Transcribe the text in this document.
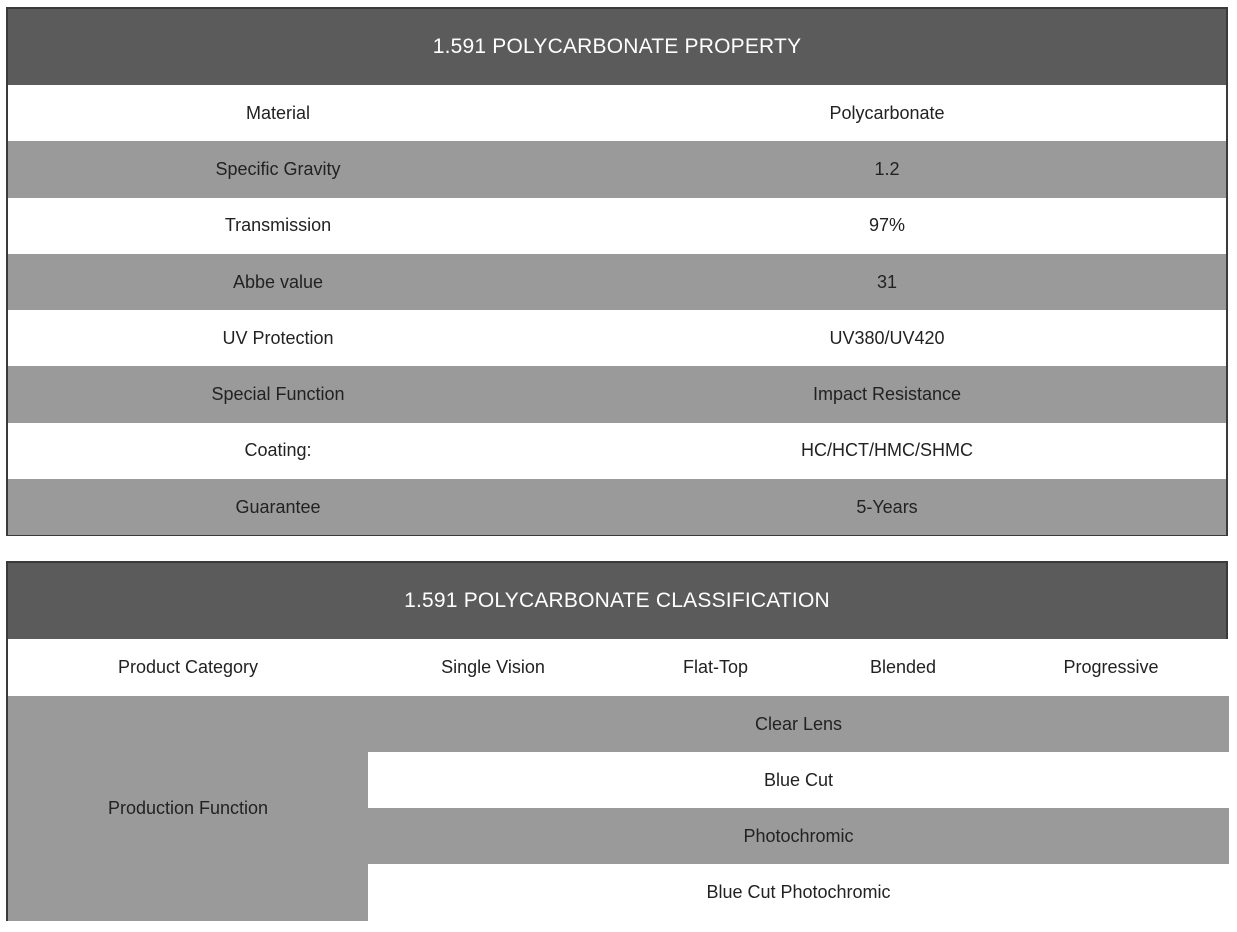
1.591 POLYCARBONATE PROPERTY
Material	Polycarbonate
Specific Gravity	1.2
Transmission	97%
Abbe value	31
UV Protection	UV380/UV420
Special Function	Impact Resistance
Coating:	HC/HCT/HMC/SHMC
Guarantee	5-Years
1.591 POLYCARBONATE CLASSIFICATION
Product Category	Single Vision	Flat-Top	Blended	Progressive
Production Function
Clear Lens
Blue Cut
Photochromic
Blue Cut Photochromic
